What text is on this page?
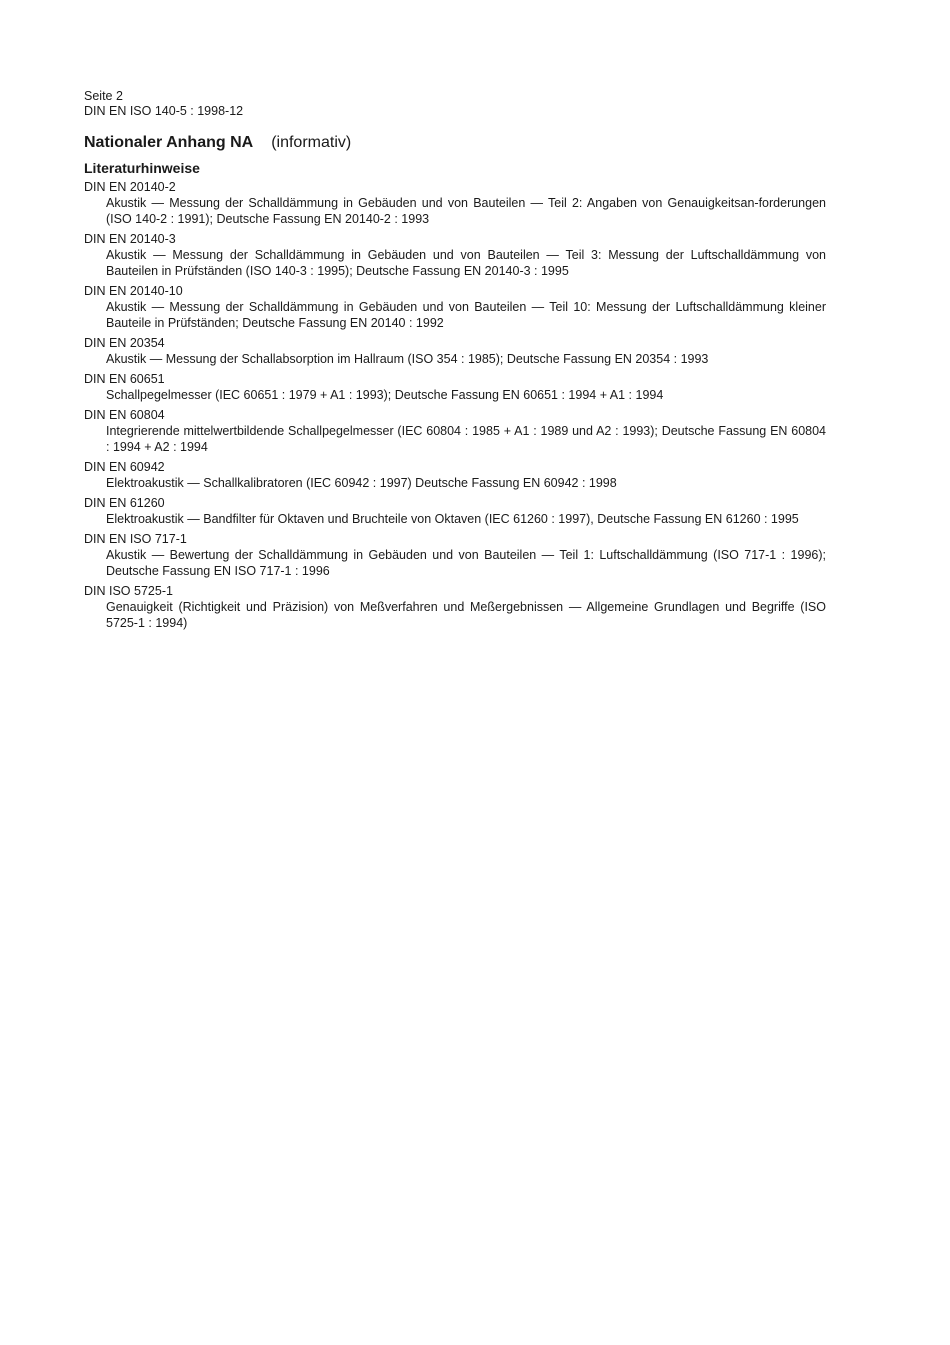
Seite 2
DIN EN ISO 140-5 : 1998-12
Nationaler Anhang NA (informativ)
Literaturhinweise
DIN EN 20140-2
Akustik — Messung der Schalldämmung in Gebäuden und von Bauteilen — Teil 2: Angaben von Genauigkeitsan-forderungen (ISO 140-2 : 1991); Deutsche Fassung EN 20140-2 : 1993
DIN EN 20140-3
Akustik — Messung der Schalldämmung in Gebäuden und von Bauteilen — Teil 3: Messung der Luftschalldämmung von Bauteilen in Prüfständen (ISO 140-3 : 1995); Deutsche Fassung EN 20140-3 : 1995
DIN EN 20140-10
Akustik — Messung der Schalldämmung in Gebäuden und von Bauteilen — Teil 10: Messung der Luftschalldämmung kleiner Bauteile in Prüfständen; Deutsche Fassung EN 20140 : 1992
DIN EN 20354
Akustik — Messung der Schallabsorption im Hallraum (ISO 354 : 1985); Deutsche Fassung EN 20354 : 1993
DIN EN 60651
Schallpegelmesser (IEC 60651 : 1979 + A1 : 1993); Deutsche Fassung EN 60651 : 1994 + A1 : 1994
DIN EN 60804
Integrierende mittelwertbildende Schallpegelmesser (IEC 60804 : 1985 + A1 : 1989 und A2 : 1993); Deutsche Fassung EN 60804 : 1994 + A2 : 1994
DIN EN 60942
Elektroakustik — Schallkalibratoren (IEC 60942 : 1997) Deutsche Fassung EN 60942 : 1998
DIN EN 61260
Elektroakustik — Bandfilter für Oktaven und Bruchteile von Oktaven (IEC 61260 : 1997), Deutsche Fassung EN 61260 : 1995
DIN EN ISO 717-1
Akustik — Bewertung der Schalldämmung in Gebäuden und von Bauteilen — Teil 1: Luftschalldämmung (ISO 717-1 : 1996); Deutsche Fassung EN ISO 717-1 : 1996
DIN ISO 5725-1
Genauigkeit (Richtigkeit und Präzision) von Meßverfahren und Meßergebnissen — Allgemeine Grundlagen und Begriffe (ISO 5725-1 : 1994)
